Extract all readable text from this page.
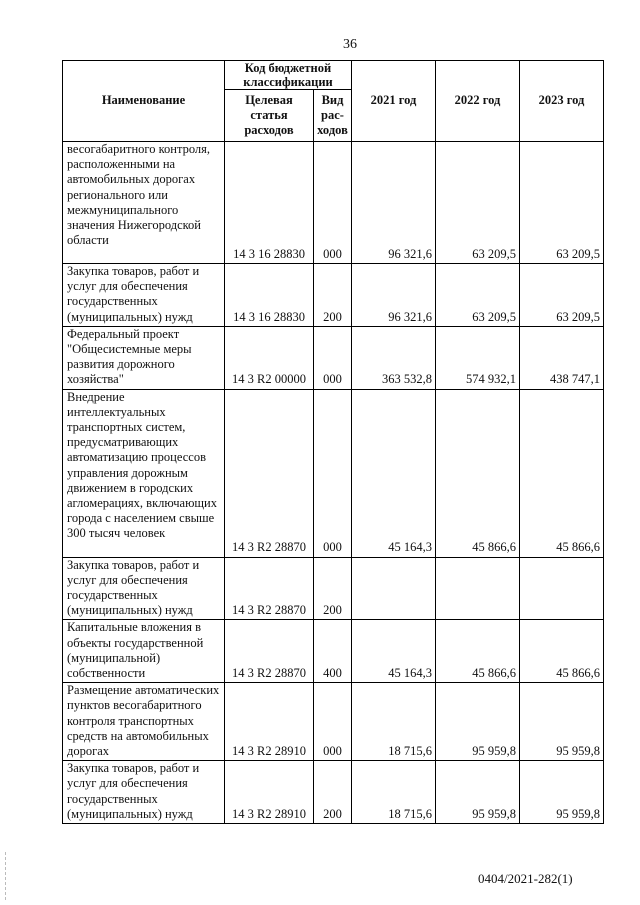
36
Наименование	Код бюджетной классификации		2021 год	2022 год	2023 год
	Целевая статья расходов	Вид рас-ходов			

весогабаритного контроля, расположенными на автомобильных дорогах регионального или межмуниципального значения Нижегородской области	14 3 16 28830	000	96 321,6	63 209,5	63 209,5

Закупка товаров, работ и услуг для обеспечения государственных (муниципальных) нужд	14 3 16 28830	200	96 321,6	63 209,5	63 209,5

Федеральный проект "Общесистемные меры развития дорожного хозяйства"	14 3 R2 00000	000	363 532,8	574 932,1	438 747,1

Внедрение интеллектуальных транспортных систем, предусматривающих автоматизацию процессов управления дорожным движением в городских агломерациях, включающих города с населением свыше 300 тысяч человек	14 3 R2 28870	000	45 164,3	45 866,6	45 866,6

Закупка товаров, работ и услуг для обеспечения государственных (муниципальных) нужд	14 3 R2 28870	200			

Капитальные вложения в объекты государственной (муниципальной) собственности	14 3 R2 28870	400	45 164,3	45 866,6	45 866,6

Размещение автоматических пунктов весогабаритного контроля транспортных средств на автомобильных дорогах	14 3 R2 28910	000	18 715,6	95 959,8	95 959,8

Закупка товаров, работ и услуг для обеспечения государственных (муниципальных) нужд	14 3 R2 28910	200	18 715,6	95 959,8	95 959,8
0404/2021-282(1)
